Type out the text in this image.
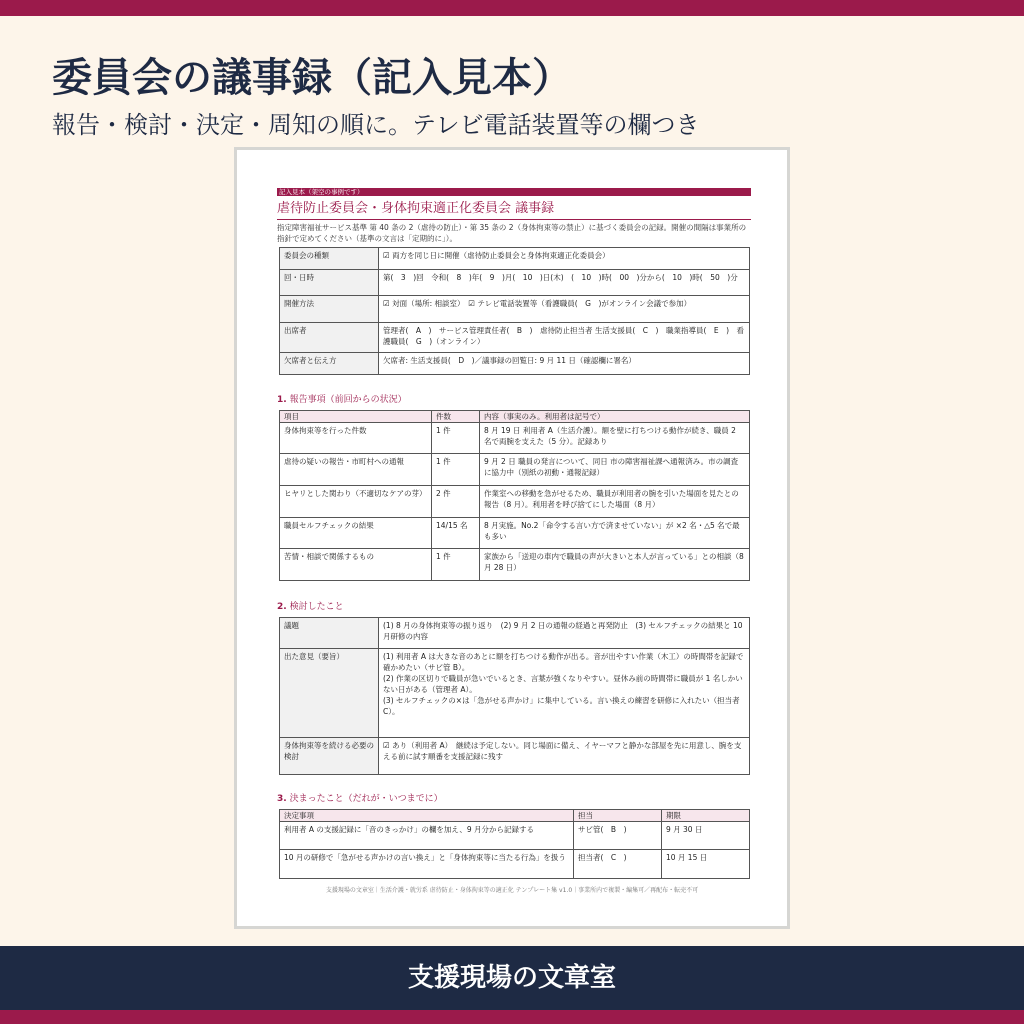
委員会の議事録（記入見本）

報告・検討・決定・周知の順に。テレビ電話装置等の欄つき

記入見本（架空の事例です）
虐待防止委員会・身体拘束適正化委員会 議事録
指定障害福祉サービス基準 第 40 条の 2（虐待の防止）・第 35 条の 2（身体拘束等の禁止）に基づく委員会の記録。開催の間隔は事業所の指針で定めてください（基準の文言は「定期的に」）。
委員会の種類	☑ 両方を同じ日に開催（虐待防止委員会と身体拘束適正化委員会）
回・日時	第(　3　)回　令和(　8　)年(　9　)月(　10　)日(木)　(　10　)時(　00　)分から(　10　)時(　50　)分
開催方法	☑ 対面（場所: 相談室）　☑ テレビ電話装置等（看護職員(　G　)がオンライン会議で参加）
出席者	管理者(　A　)　サービス管理責任者(　B　)　虐待防止担当者 生活支援員(　C　)　職業指導員(　E　)　看護職員(　G　)（オンライン）
欠席者と伝え方	欠席者: 生活支援員(　D　)／議事録の回覧日: 9 月 11 日（確認欄に署名）
1. 報告事項（前回からの状況）
項目	件数	内容（事実のみ。利用者は記号で）
身体拘束等を行った件数	1 件	8 月 19 日 利用者 A（生活介護）。額を壁に打ちつける動作が続き、職員 2 名で両腕を支えた（5 分）。記録あり
虐待の疑いの報告・市町村への通報	1 件	9 月 2 日 職員の発言について、同日 市の障害福祉課へ通報済み。市の調査に協力中（別紙の初動・通報記録）
ヒヤリとした関わり（不適切なケアの芽）	2 件	作業室への移動を急がせるため、職員が利用者の腕を引いた場面を見たとの報告（8 月）。利用者を呼び捨てにした場面（8 月）
職員セルフチェックの結果	14/15 名	8 月実施。No.2「命令する言い方で済ませていない」が ×2 名・△5 名で最も多い
苦情・相談で関係するもの	1 件	家族から「送迎の車内で職員の声が大きいと本人が言っている」との相談（8 月 28 日）
2. 検討したこと
議題	(1) 8 月の身体拘束等の振り返り　(2) 9 月 2 日の通報の経過と再発防止　(3) セルフチェックの結果と 10 月研修の内容
出た意見（要旨）	(1) 利用者 A は大きな音のあとに額を打ちつける動作が出る。音が出やすい作業（木工）の時間帯を記録で確かめたい（サビ管 B）。
(2) 作業の区切りで職員が急いでいるとき、言葉が強くなりやすい。昼休み前の時間帯に職員が 1 名しかいない日がある（管理者 A）。
(3) セルフチェックの×は「急がせる声かけ」に集中している。言い換えの練習を研修に入れたい（担当者 C）。

身体拘束等を続ける必要の検討	☑ あり（利用者 A）　継続は予定しない。同じ場面に備え、イヤーマフと静かな部屋を先に用意し、腕を支える前に試す順番を支援記録に残す
3. 決まったこと（だれが・いつまでに）
決定事項	担当	期限
利用者 A の支援記録に「音のきっかけ」の欄を加え、9 月分から記録する	サビ管(　B　)	9 月 30 日
10 月の研修で「急がせる声かけの言い換え」と「身体拘束等に当たる行為」を扱う	担当者(　C　)	10 月 15 日
支援現場の文章室｜生活介護・就労系 虐待防止・身体拘束等の適正化 テンプレート集 v1.0｜事業所内で複製・編集可／再配布・転売不可
支援現場の文章室
